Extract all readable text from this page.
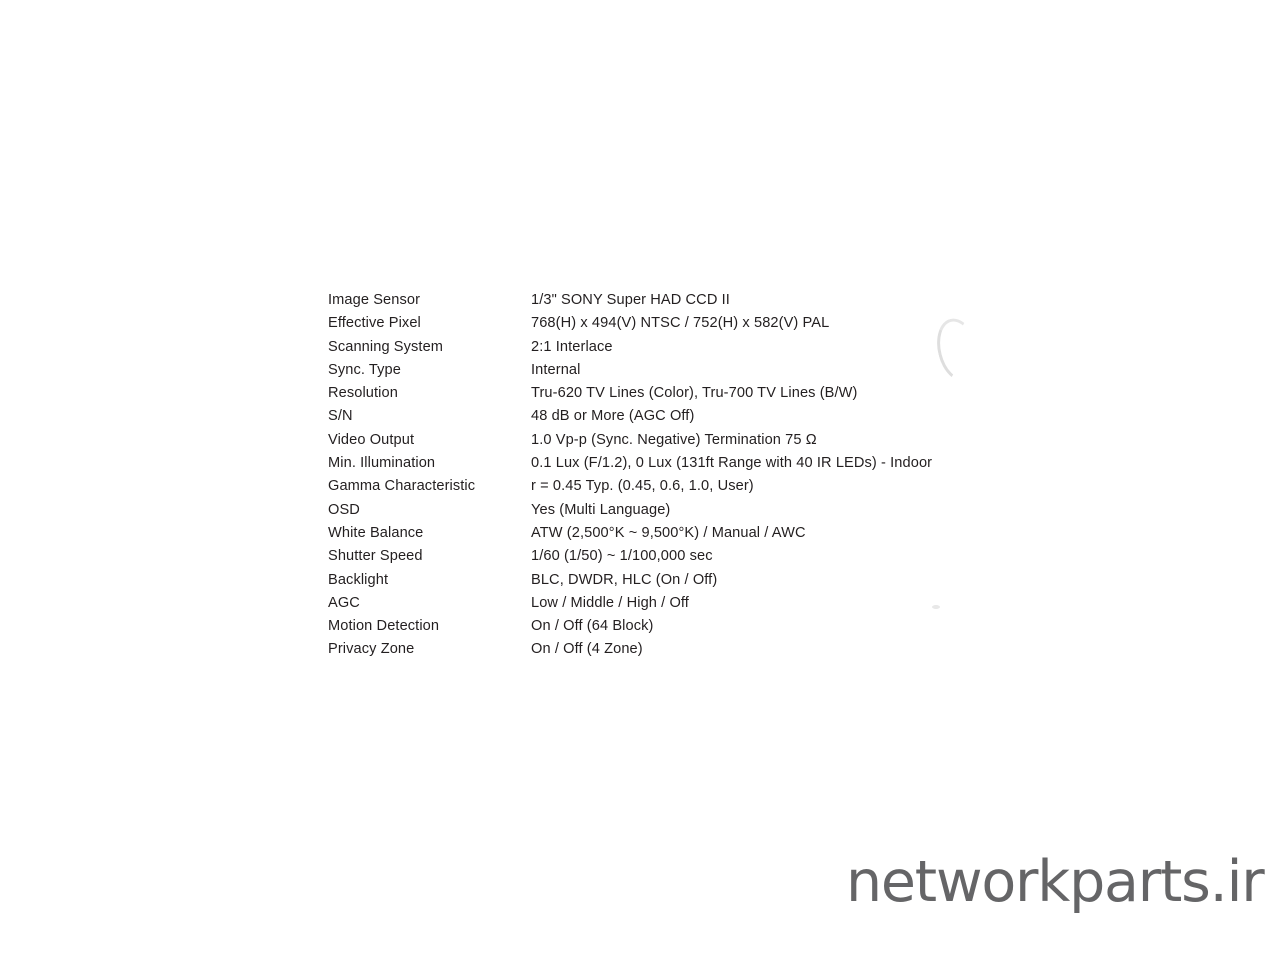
Image Sensor	1/3" SONY Super HAD CCD II
Effective Pixel	768(H) x 494(V) NTSC / 752(H) x 582(V) PAL
Scanning System	2:1 Interlace
Sync. Type	Internal
Resolution	Tru-620 TV Lines (Color), Tru-700 TV Lines (B/W)
S/N	48 dB or More (AGC Off)
Video Output	1.0 Vp-p (Sync. Negative) Termination 75 Ω
Min. Illumination	0.1 Lux (F/1.2), 0 Lux (131ft Range with 40 IR LEDs) - Indoor
Gamma Characteristic	r = 0.45 Typ. (0.45, 0.6, 1.0, User)
OSD	Yes (Multi Language)
White Balance	ATW (2,500°K ~ 9,500°K) / Manual / AWC
Shutter Speed	1/60 (1/50) ~ 1/100,000 sec
Backlight	BLC, DWDR, HLC (On / Off)
AGC	Low / Middle / High / Off
Motion Detection	On / Off (64 Block)
Privacy Zone	On / Off (4 Zone)
networkparts.ir
